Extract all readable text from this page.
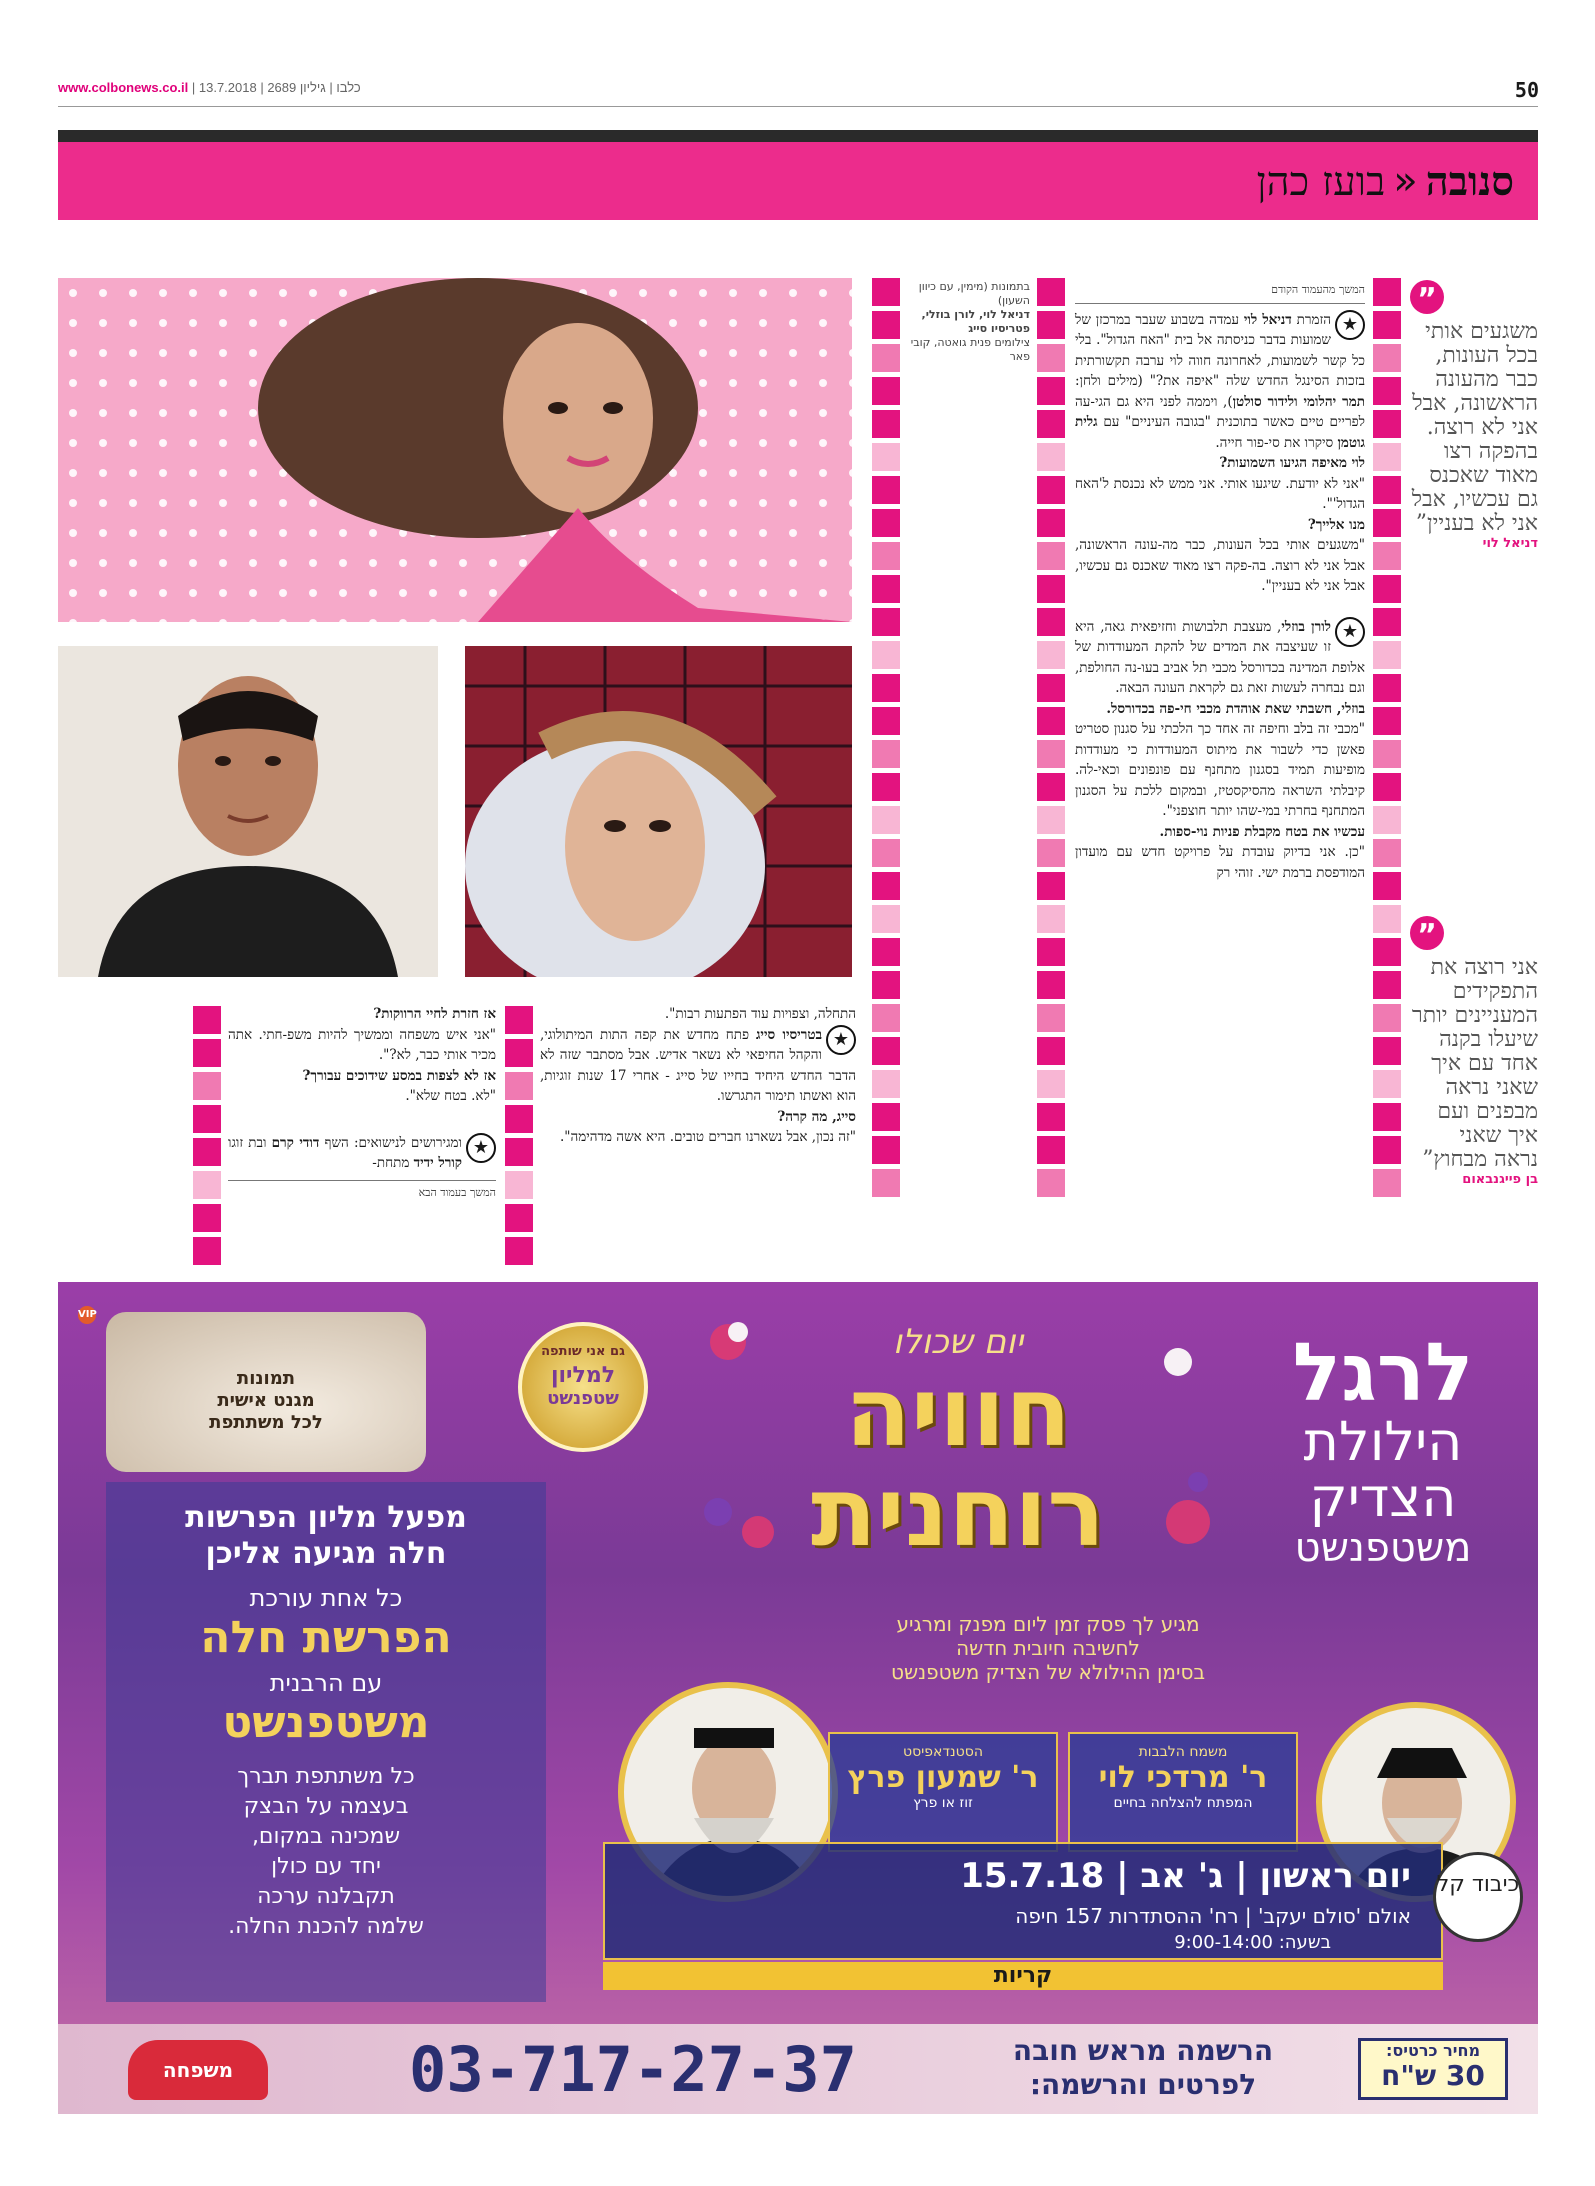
www.colbonews.co.il |	כלבו | גיליון 2689 | 13.7.2018	50
סנובה
«
בועז כהן
”
משגעים אותי בכל העונות, כבר מהעונה הראשונה, אבל אני לא רוצה. בהפקה רצו מאוד שאכנס גם עכשיו, אבל אני לא בעניין”
דניאל לוי
”
אני רוצה את התפקידים המעניינים יותר שיעלו בקנה אחד עם איך שאני נראה מבפנים ועם איך שאני נראה מבחוץ”
בן פייגנבאום
המשך מהעמוד הקודם

★
הזמרת דניאל לוי עמדה בשבוע שעבר במרכזן של שמועות בדבר כניסתה אל בית "האח הגדול". בלי כל קשר לשמועות, לאחרונה חווה לוי ערבה תקשורתית בזכות הסינגל החדש שלה "איפה את?" (מילים ולחן: תמר יהלומי ולידור סולטן), ויממה לפני היא גם הגי-עה לפריים טיים כאשר בתוכנית "בגובה העיניים" עם גלית גוטמן סיקרו את סי-פור חייה.

לוי מאיפה הגיעו השמועות?

"אני לא יודעת. שיגעו אותי. אני ממש לא נכנסת ל'האח הגדול'".

מנו אלייך?

"משגעים אותי בכל העונות, כבר מה-עונה הראשונה, אבל אני לא רוצה. בה-פקה רצו מאוד שאכנס גם עכשיו, אבל אני לא בעניין".

★
לורן בוזלי, מעצבת תלבושות וחזיפאית גאה, היא זו שעיצבה את המדים של להקת המעודדות של אלופת המדינה בכדורסל מכבי תל אביב בעו-נה החולפת, וגם נבחרה לעשות זאת גם לקראת העונה הבאה.

בוזלי, חשבתי שאת אוהדת מכבי חי-פה בכדורסל.

"מכבי זה בלב וחיפה זה אחד כך הלכתי על סגנון סטריט פאשן כדי לשבור את מיתוס המעודדות כי מעודדות מופיעות תמיד בסגנון מתחנף עם פונפונים וכאי-לה. קיבלתי השראה מהסיקסטיז, ובמקום ללכת על הסגנון המתחנף בחרתי במי-שהו יותר חוצפני".

עכשיו את בטח מקבלת פניות נוי-ספות.

"כן. אני בדיוק עובדת על פרויקט חדש עם מועדון המודפסת ברמת ישי. זוהי רק

בתמונות (מימין, עם כיוון השעון)
דניאל לוי, לורן בוזלי, פטריסיו סייג
צילומים פנית גואטה, קובי פאר

התחלה, וצפויות עוד הפתעות רבות".

★
בטריסיו סייג פתח מחדש את קפה התות המיתולוגי, והקהל החיפאי לא נשאר אדיש. אבל מסתבר שזה לא הדבר החדש היחיד בחייו של סייג - אחרי 17 שנות זוגיות, הוא ואשתו תימור התגרשו.

סייג, מה קרה?

"זה נכון, אבל נשארנו חברים טובים. היא אשה מדהימה".

אז חזרת לחיי הרווקות?

"אני איש משפחה וממשיך להיות משפ-חתי. אתה מכיר אותי כבר, לא?".

אז לא לצפות במסע שידוכים עבורך?

"לא. בטח שלא".

★
ומגירושים לנישואים: השף דודי קרם ובת זוגו קורל ידיד מתחת-

המשך בעמוד הבא
לרגל
הילולת
הצדיק
משטפנשט
יום שכולו
חוויה
רוחנית
גם אני שותפה
למליון
שטפנשט
מגיע לך פסק זמן ליום מפנק ומרגיע
לחשיבה חיובית חדשה
בסימן ההילולא של הצדיק משטפנשט
משמח הלבבות
ר' מרדכי לוי
המפתח להצלחה בחיים
הסטנדאפיסט
ר' שמעון פרץ
זוז או פרץ
יום ראשון | ג' אב | 15.7.18
אולם 'סולם יעקב' | רח' ההסתדרות 157 חיפה
בשעה: 9:00-14:00
קריות
כיבוד קל
VIP
תמונות
מגנט אישית
לכל משתתפת
מפעל מליון הפרשות
חלה מגיעה אליכן
כל אחת עורכת
הפרשת חלה
עם הרבנית
משטפנשט
כל משתתפת תברך
בעצמה על הבצק
שמכינה במקום,
יחד עם כולן
תקבלנה ערכה
שלמה להכנת החלה.
מחיר כרטיס:
30 ש"ח
הרשמה מראש חובה
לפרטים והרשמה:
03-717-27-37
משפחה
